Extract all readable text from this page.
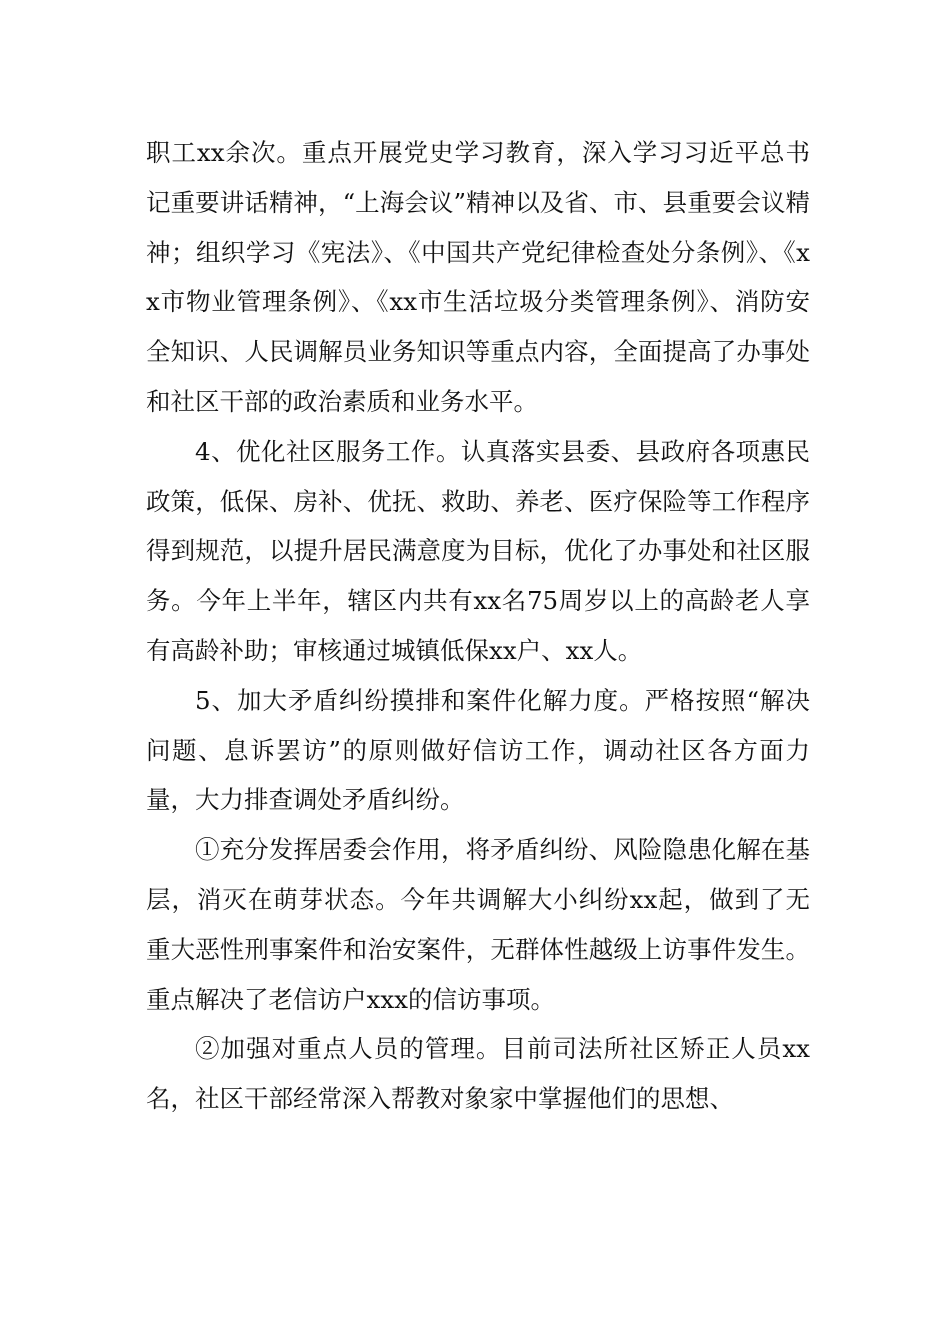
职工xx余次。重点开展党史学习教育，深入学习习近平总书记重要讲话精神，“上海会议”精神以及省、市、县重要会议精神；组织学习《宪法》、《中国共产党纪律检查处分条例》、《xx市物业管理条例》、《xx市生活垃圾分类管理条例》、消防安全知识、人民调解员业务知识等重点内容，全面提高了办事处和社区干部的政治素质和业务水平。

4、优化社区服务工作。认真落实县委、县政府各项惠民政策，低保、房补、优抚、救助、养老、医疗保险等工作程序得到规范，以提升居民满意度为目标，优化了办事处和社区服务。今年上半年，辖区内共有xx名75周岁以上的高龄老人享有高龄补助；审核通过城镇低保xx户、xx人。

5、加大矛盾纠纷摸排和案件化解力度。严格按照“解决问题、息诉罢访”的原则做好信访工作，调动社区各方面力量，大力排查调处矛盾纠纷。

①充分发挥居委会作用，将矛盾纠纷、风险隐患化解在基层，消灭在萌芽状态。今年共调解大小纠纷xx起，做到了无重大恶性刑事案件和治安案件，无群体性越级上访事件发生。重点解决了老信访户xxx的信访事项。

②加强对重点人员的管理。目前司法所社区矫正人员xx名，社区干部经常深入帮教对象家中掌握他们的思想、
